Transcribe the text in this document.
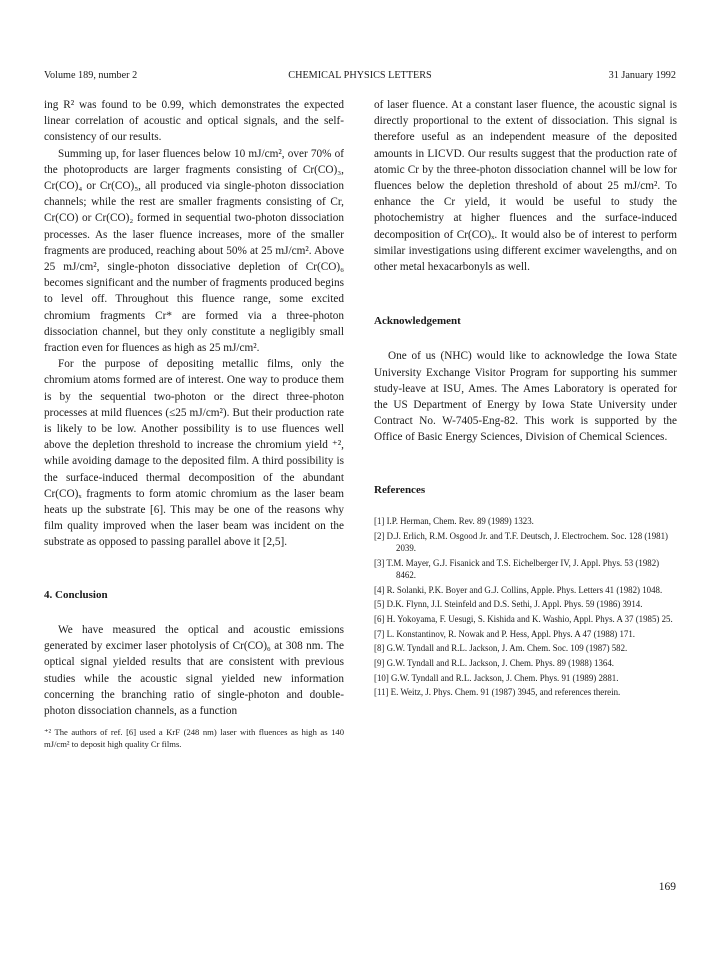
Volume 189, number 2	CHEMICAL PHYSICS LETTERS	31 January 1992

ing R² was found to be 0.99, which demonstrates the expected linear correlation of acoustic and optical signals, and the self-consistency of our results.

Summing up, for laser fluences below 10 mJ/cm², over 70% of the photoproducts are larger fragments consisting of Cr(CO)₃, Cr(CO)₄ or Cr(CO)₅, all produced via single-photon dissociation channels; while the rest are smaller fragments consisting of Cr, Cr(CO) or Cr(CO)₂ formed in sequential two-photon dissociation processes. As the laser fluence increases, more of the smaller fragments are produced, reaching about 50% at 25 mJ/cm². Above 25 mJ/cm², single-photon dissociative depletion of Cr(CO)₆ becomes significant and the number of fragments produced begins to level off. Throughout this fluence range, some excited chromium fragments Cr* are formed via a three-photon dissociation channel, but they only constitute a negligibly small fraction even for fluences as high as 25 mJ/cm².

For the purpose of depositing metallic films, only the chromium atoms formed are of interest. One way to produce them is by the sequential two-photon or the direct three-photon processes at mild fluences (≤25 mJ/cm²). But their production rate is likely to be low. Another possibility is to use fluences well above the depletion threshold to increase the chromium yield ⁺², while avoiding damage to the deposited film. A third possibility is the surface-induced thermal decomposition of the abundant Cr(CO)ₓ fragments to form atomic chromium as the laser beam heats up the substrate [6]. This may be one of the reasons why film quality improved when the laser beam was incident on the substrate as opposed to passing parallel above it [2,5].

4. Conclusion

We have measured the optical and acoustic emissions generated by excimer laser photolysis of Cr(CO)₆ at 308 nm. The optical signal yielded results that are consistent with previous studies while the acoustic signal yielded new information concerning the branching ratio of single-photon and double-photon dissociation channels, as a function

⁺² The authors of ref. [6] used a KrF (248 nm) laser with fluences as high as 140 mJ/cm² to deposit high quality Cr films.

of laser fluence. At a constant laser fluence, the acoustic signal is directly proportional to the extent of dissociation. This signal is therefore useful as an independent measure of the deposited amounts in LICVD. Our results suggest that the production rate of atomic Cr by the three-photon dissociation channel will be low for fluences below the depletion threshold of about 25 mJ/cm². To enhance the Cr yield, it would be useful to study the photochemistry at higher fluences and the surface-induced decomposition of Cr(CO)ₓ. It would also be of interest to perform similar investigations using different excimer wavelengths, and on other metal hexacarbonyls as well.

Acknowledgement

One of us (NHC) would like to acknowledge the Iowa State University Exchange Visitor Program for supporting his summer study-leave at ISU, Ames. The Ames Laboratory is operated for the US Department of Energy by Iowa State University under Contract No. W-7405-Eng-82. This work is supported by the Office of Basic Energy Sciences, Division of Chemical Sciences.

References

[1] I.P. Herman, Chem. Rev. 89 (1989) 1323.

[2] D.J. Erlich, R.M. Osgood Jr. and T.F. Deutsch, J. Electrochem. Soc. 128 (1981) 2039.

[3] T.M. Mayer, G.J. Fisanick and T.S. Eichelberger IV, J. Appl. Phys. 53 (1982) 8462.

[4] R. Solanki, P.K. Boyer and G.J. Collins, Apple. Phys. Letters 41 (1982) 1048.

[5] D.K. Flynn, J.I. Steinfeld and D.S. Sethi, J. Appl. Phys. 59 (1986) 3914.

[6] H. Yokoyama, F. Uesugi, S. Kishida and K. Washio, Appl. Phys. A 37 (1985) 25.

[7] L. Konstantinov, R. Nowak and P. Hess, Appl. Phys. A 47 (1988) 171.

[8] G.W. Tyndall and R.L. Jackson, J. Am. Chem. Soc. 109 (1987) 582.

[9] G.W. Tyndall and R.L. Jackson, J. Chem. Phys. 89 (1988) 1364.

[10] G.W. Tyndall and R.L. Jackson, J. Chem. Phys. 91 (1989) 2881.

[11] E. Weitz, J. Phys. Chem. 91 (1987) 3945, and references therein.

169
